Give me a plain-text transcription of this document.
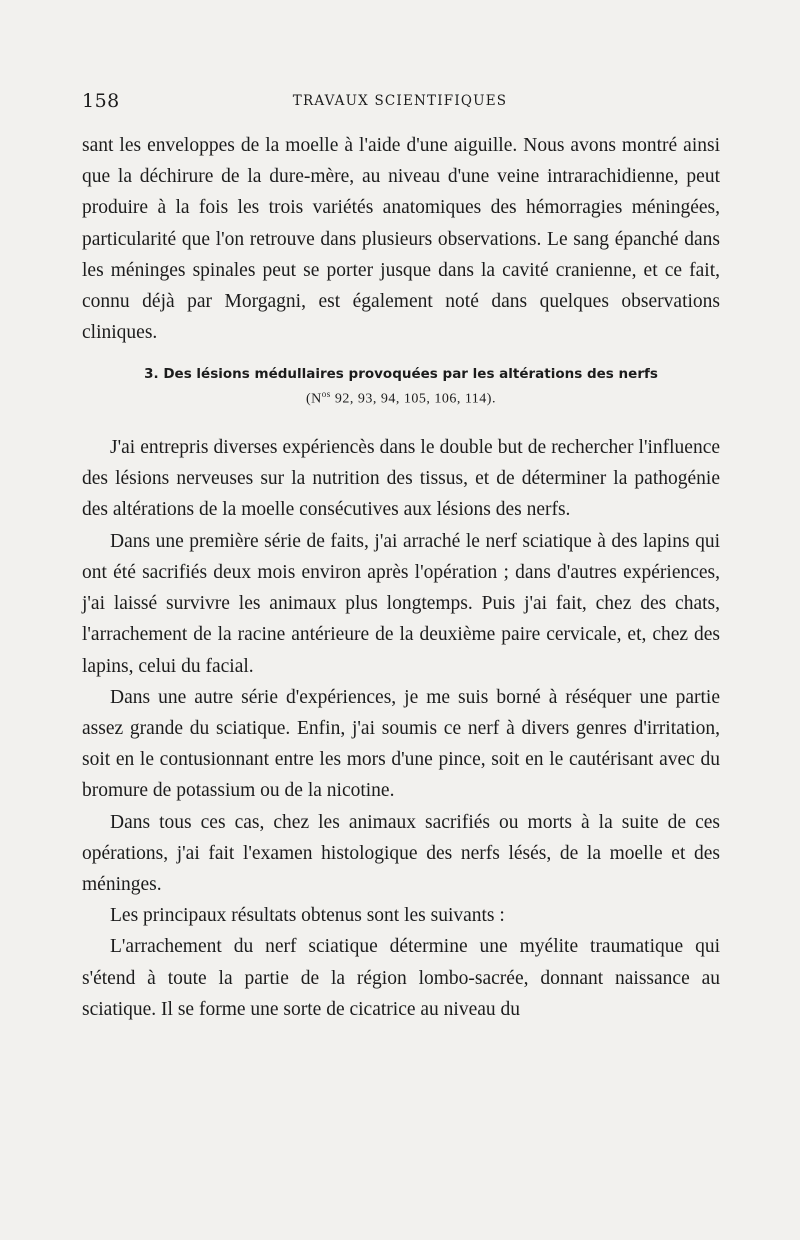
158	TRAVAUX SCIENTIFIQUES

sant les enveloppes de la moelle à l'aide d'une aiguille. Nous avons montré ainsi que la déchirure de la dure-mère, au niveau d'une veine intrarachidienne, peut produire à la fois les trois variétés anatomiques des hémorragies méningées, particularité que l'on retrouve dans plusieurs observations. Le sang épanché dans les méninges spinales peut se porter jusque dans la cavité cranienne, et ce fait, connu déjà par Morgagni, est également noté dans quelques observations cliniques.

3. Des lésions médullaires provoquées par les altérations des nerfs

($N^{os}$ 92, 93, 94, 105, 106, 114).

J'ai entrepris diverses expériencès dans le double but de rechercher l'influence des lésions nerveuses sur la nutrition des tissus, et de déterminer la pathogénie des altérations de la moelle consécutives aux lésions des nerfs.

Dans une première série de faits, j'ai arraché le nerf sciatique à des lapins qui ont été sacrifiés deux mois environ après l'opération ; dans d'autres expériences, j'ai laissé survivre les animaux plus longtemps. Puis j'ai fait, chez des chats, l'arrachement de la racine antérieure de la deuxième paire cervicale, et, chez des lapins, celui du facial.

Dans une autre série d'expériences, je me suis borné à réséquer une partie assez grande du sciatique. Enfin, j'ai soumis ce nerf à divers genres d'irritation, soit en le contusionnant entre les mors d'une pince, soit en le cautérisant avec du bromure de potassium ou de la nicotine.

Dans tous ces cas, chez les animaux sacrifiés ou morts à la suite de ces opérations, j'ai fait l'examen histologique des nerfs lésés, de la moelle et des méninges.

Les principaux résultats obtenus sont les suivants :

L'arrachement du nerf sciatique détermine une myélite traumatique qui s'étend à toute la partie de la région lombo-sacrée, donnant naissance au sciatique. Il se forme une sorte de cicatrice au niveau du
